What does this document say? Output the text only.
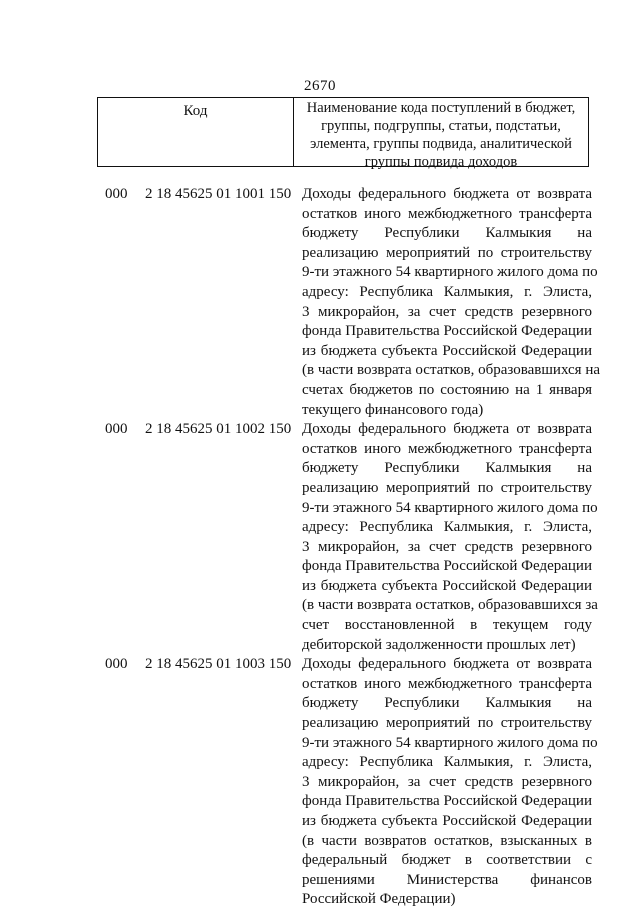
2670
Код	Наименование кода поступлений в бюджет,
группы, подгруппы, статьи, подстатьи,
элемента, группы подвида, аналитической
группы подвида доходов
000 2 18 45625 01 1001 150 Доходы федерального бюджета от возврата
остатков иного межбюджетного трансферта
бюджету Республики Калмыкия на
реализацию мероприятий по строительству
9-ти этажного 54 квартирного жилого дома по
адресу: Республика Калмыкия, г. Элиста,
3 микрорайон, за счет средств резервного
фонда Правительства Российской Федерации
из бюджета субъекта Российской Федерации
(в части возврата остатков, образовавшихся на
счетах бюджетов по состоянию на 1 января
текущего финансового года)
000 2 18 45625 01 1002 150 Доходы федерального бюджета от возврата
остатков иного межбюджетного трансферта
бюджету Республики Калмыкия на
реализацию мероприятий по строительству
9-ти этажного 54 квартирного жилого дома по
адресу: Республика Калмыкия, г. Элиста,
3 микрорайон, за счет средств резервного
фонда Правительства Российской Федерации
из бюджета субъекта Российской Федерации
(в части возврата остатков, образовавшихся за
счет восстановленной в текущем году
дебиторской задолженности прошлых лет)
000 2 18 45625 01 1003 150 Доходы федерального бюджета от возврата
остатков иного межбюджетного трансферта
бюджету Республики Калмыкия на
реализацию мероприятий по строительству
9-ти этажного 54 квартирного жилого дома по
адресу: Республика Калмыкия, г. Элиста,
3 микрорайон, за счет средств резервного
фонда Правительства Российской Федерации
из бюджета субъекта Российской Федерации
(в части возвратов остатков, взысканных в
федеральный бюджет в соответствии с
решениями Министерства финансов
Российской Федерации)
